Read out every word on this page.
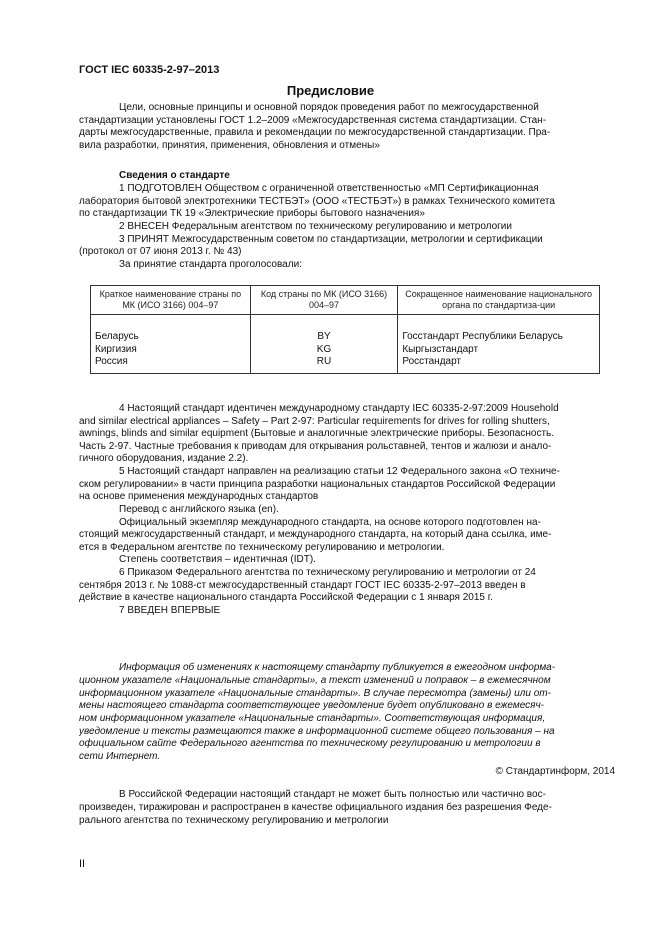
ГОСТ IEC 60335-2-97–2013
Предисловие
Цели, основные принципы и основной порядок проведения работ по межгосударственной
стандартизации установлены ГОСТ 1.2–2009 «Межгосударственная система стандартизации. Стан-
дарты межгосударственные, правила и рекомендации по межгосударственной стандартизации. Пра-
вила разработки, принятия, применения, обновления и отмены»
Сведения о стандарте
1 ПОДГОТОВЛЕН Обществом с ограниченной ответственностью «МП Сертификационная
лаборатория бытовой электротехники ТЕСТБЭТ» (ООО «ТЕСТБЭТ») в рамках Технического комитета
по стандартизации ТК 19 «Электрические приборы бытового назначения»
2 ВНЕСЕН Федеральным агентством по техническому регулированию и метрологии
3 ПРИНЯТ Межгосударственным советом по стандартизации, метрологии и сертификации
(протокол от 07 июня 2013 г. № 43)
За принятие стандарта проголосовали:
Краткое наименование страны по МК (ИСО 3166) 004–97	Код страны по МК (ИСО 3166) 004–97	Сокращенное наименование национального органа по стандартиза-ции

Беларусь	BY	Госстандарт Республики Беларусь
Киргизия	KG	Кыргызстандарт
Россия	RU	Росстандарт
4 Настоящий стандарт идентичен международному стандарту IEC 60335-2-97:2009 Household
and similar electrical appliances – Safety – Part 2-97: Particular requirements for drives for rolling shutters,
awnings, blinds and similar equipment (Бытовые и аналогичные электрические приборы. Безопасность.
Часть 2-97. Частные требования к приводам для открывания рольставней, тентов и жалюзи и анало-
гичного оборудования, издание 2.2).
5 Настоящий стандарт направлен на реализацию статьи 12 Федерального закона «О техниче-
ском регулировании» в части принципа разработки национальных стандартов Российской Федерации
на основе применения международных стандартов
Перевод с английского языка (en).
Официальный экземпляр международного стандарта, на основе которого подготовлен на-
стоящий межгосударственный стандарт, и международного стандарта, на который дана ссылка, име-
ется в Федеральном агентстве по техническому регулированию и метрологии.
Степень соответствия – идентичная (IDT).
6 Приказом Федерального агентства по техническому регулированию и метрологии от 24
сентября 2013 г. № 1088-ст межгосударственный стандарт ГОСТ IEC 60335-2-97–2013 введен в
действие в качестве национального стандарта Российской Федерации с 1 января 2015 г.
7 ВВЕДЕН ВПЕРВЫЕ
Информация об изменениях к настоящему стандарту публикуется в ежегодном информа-
ционном указателе «Национальные стандарты», а текст изменений и поправок – в ежемесячном
информационном указателе «Национальные стандарты». В случае пересмотра (замены) или от-
мены настоящего стандарта соответствующее уведомление будет опубликовано в ежемесяч-
ном информационном указателе «Национальные стандарты». Соответствующая информация,
уведомление и тексты размещаются также в информационной системе общего пользования – на
официальном сайте Федерального агентства по техническому регулированию и метрологии в
сети Интернет.
© Стандартинформ, 2014
В Российской Федерации настоящий стандарт не может быть полностью или частично вос-
произведен, тиражирован и распространен в качестве официального издания без разрешения Феде-
рального агентства по техническому регулированию и метрологии
II
